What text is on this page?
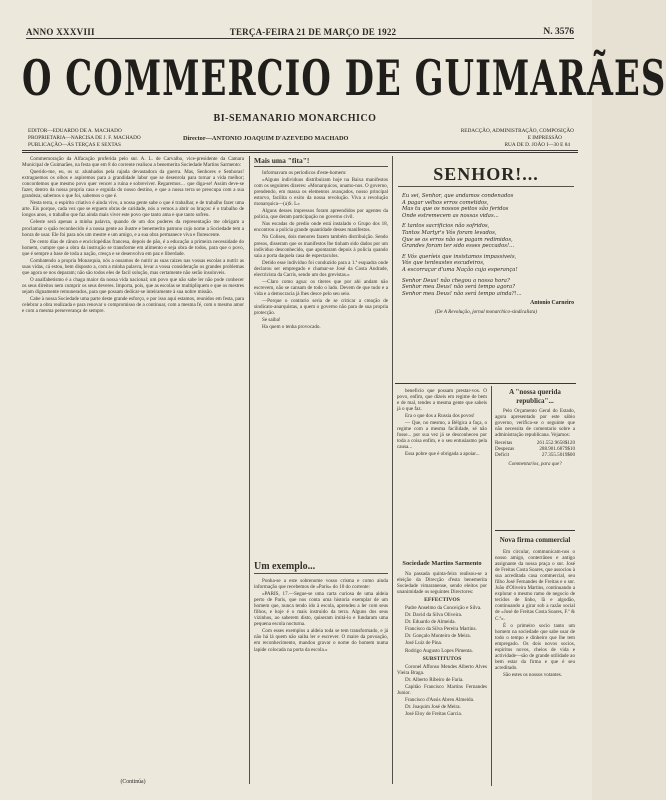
ANNO XXXVIII	TERÇA-FEIRA 21 DE MARÇO DE 1922	N. 3576
O COMMERCIO DE GUIMARÃES
BI-SEMANARIO MONARCHICO
EDITOR—EDUARDO DE A. MACHADO
PROPRIETARIA—NARCISA DE J. F. MACHADO
PUBLICAÇÃO—ÁS TERÇAS E SEXTAS
Director—ANTONIO JOAQUIM D'AZEVEDO MACHADO
REDACÇÃO, ADMINISTRAÇÃO, COMPOSIÇÃO
E IMPRESSÃO
RUA DE D. JOÃO I—30 E 84

Commemoração da Alfacação proferida pelo snr. A. L. de Carvalho, vice-presidente da Camara Municipal de Guimarães, na festa que em 8 do corrente realisou a benemerita Sociedade Martins Sarmento:

Querido-me, eu, os sr. alunhados pela rajada devastadora da guerra. Mas, Senhores e Senhoras! extraguemos os olhos e aspiremos para a grandidade labor que se desenrola para tornar a vida melhor; concordemos que mesmo povo quer vencer a ruina e sobreviver. Regaremos… que diga-se! Assim deve-se fazer, dentro da nossa propria casa e erguida do nosso destino, e que a nossa terra se preocupa com a sua grandeza; sabemos o que foi, sabemos o que é.

Nesta terra, o espirito criativo é ainda vivo, a nossa gente sabe o que é trabalhar, e de trabalho fazer uma arte. Eis porque, cada vez que se erguem obras de caridade, nós a vemos a abrir os braços: é o trabalho de longos anos, o trabalho que faz ainda mais viver este povo que tanto ama e que tanto sofreu.

Celeste será apenas a minha palavra, quando de um dos poderes da representação me obrigam a proclamar o quão reconhecido é a nossa gente ao ilustre e benemerito patrono cujo nome a Sociedade tem a honra de usar. Ele foi para nós um mestre e um amigo, e a sua obra permanece viva e florescente.

De cento dias de cânon e enciclopédias francesa, depois de pão, é a educação a primeira necessidade do homem, cumpre que a obra da instrução se transforme em alimento e seja obra de todos, para que o povo, que é sempre a base de toda a nação, cresça e se desenvolva em paz e liberdade.

Combatendo a propria Monarquia, nós a ousamos de nutrir as suas raizes nas vossas escolas a nutrir as suas vidas, cá estou, bem disposto a, com a minha palavra, levar a vossa consideração os grandes problemas que agora se nos deparam; não são todos eles de facil solução, mas certamente não serão insoluveis.

O analfabetismo é a chaga maior da nossa vida nacional; um povo que não sabe ler não pode conhecer os seus direitos nem cumprir os seus deveres. Importa, pois, que as escolas se multipliquem e que os mestres sejam dignamente remunerados, para que possam dedicar-se inteiramente à sua nobre missão.

Cabe à nossa Sociedade uma parte deste grande esforço, e por isso aqui estamos, reunidos em festa, para celebrar a obra realizada e para renovar o compromisso de a continuar, com a mesma fé, com o mesmo amor e com a mesma perseverança de sempre.

(Continúa)
Mais uma "fita"!

Informavam os periodicos d'este-homem:

«Alguns individuos distribuiram hoje na Baixa manifestos com os seguintes dizeres: «Monarquicos, unamo-nos. O governo, prendendo, em massa os elementos avançados, nosso principal estorvo, facilita o exito da nossa revolução. Viva a revolução monarquica—(a)S. L»

Alguns desses impressos foram apreendidos por agentes da policia, que deram participação no governo civil.

Nas escadas do predio onde está instalado o Grupo dos 18, encontrou a policia grande quantidade desses manifestos.

No Coliseu, dois menores fazem também distribuição. Sendo presos, disseram que os manifestos lhe tinham sido dados por um individuo desconhecido, que apontaram depois à policia quando saia a porta daquela casa de espectaculos.

Detido esse individuo foi conduzido para a 1.ª esquadra onde declarou ser empregado e chamar-se José da Costa Andrade, electricista da Carris, sendo um dos grevistas.»

—Claro como agua: os titeres que por ahi andam não escrevem, não se cansam de todo o lado. Devem de que tudo e a vida e a democracia já lhes desce pelo seu seio.

—Porque o contrario seria de se criticar a creação de sindicato-anarquistas, a quem o governo não para de sua propria protecção.

Se saiba!

Ha quem o tenha provocado.

Um exemplo...

Ponha-se a este sobrenome vosso crisma e como ainda informação que recebemos de «Paris» do 10 do corrente:

«PARIS, 17.—Segue-se uma carta curiosa de uma aldeia perto de Paris, que nos conta uma historia exemplar de um homem que, nunca tendo ido à escola, aprendeu a ler com seus filhos, e hoje é o mais instruido da terra. Alguns dos seus vizinhos, ao saberem disto, quiseram imitá-lo e fundaram uma pequena escola nocturna.

Com esses exemplos a aldeia toda se tem transformado, e já não há lá quem não saiba ler e escrever. O maire da povoação, em reconhecimento, mandou gravar o nome do homem numa lapide colocada na porta da escola.»

SENHOR!...

Eu sei, Senhor, que andamos condenados

A pagar velhos erros cometidos,

Mas tu que os nossos peitos são feridos

Onde estremecem as nossas vidas...

E tantos sacrificios não sofridos,

Tantos Martyr's Vós foram levados,

Que se os erros não se pagam redimidos,

Grandes foram ter sido esses peccados!...

E Vós queríeis que insistamos impassiveis,

Vós que tenteastes escudeiros,

A escorraçar d'uma Nação cuja esperança!

Senhor Deus! não chegou a nossa hora?

Senhor meu Deus! não será tempo agora?

Senhor meu Deus! não será tempo ainda?!...

Antonio Carneiro
(De A Revolução, jornal monarchico-sindicalista)

beneficio que possam prestar-vos. O povo, enfim, que dizeis em regime de bem e de mal, tendes a mesma gente que sabeis já o que faz.

Era o que dos a Russia dos povos!

— Que, no mesmo, a Bélgica a faça, o regime com a mesma facilidade, sé não fosse... por sua vez já se desconheceu por toda a coisa enfim, e o seu entusiasmo pela causa...

Essa pobre que é obrigada a apoiar...

Sociedade Martins Sarmento

Na passada quinta-feira realisou-se a eleição da Direcção d'esta benemerita Sociedade vimaranense, sendo eleitos por unanimidade os seguintes Directores:

EFFECTIVOS

Padre Anselmo da Conceição e Silva.

Dr. David da Silva Oliveira.

Dr. Eduardo de Almeida.

Francisco da Silva Pereira Martins.

Dr. Gonçalo Monteiro de Meira.

José Luiz de Pina.

Rodrigo Augusto Lopes Pimenta.

SUBSTITUTOS

Coronel Affonso Mendes Alberto Alves Vieira Braga.

Dr. Alberto Ribeiro de Faria.

Capitão Francisco Martins Fernandes Junior.

Francisco d'Assis Abreu Almeida.

Dr. Joaquim José de Meira.

José Eloy de Freitas Garcia.

A "nossa querida republica"...

Pelo Orçamento Geral do Estado, agora apresentado por este sábio governo, verifica-se o seguinte que não necessita de comentario sobre a administração republicana. Vejamos:

Receitas	261.552.9658$120
Despezas	288.901.6879$10
Deficit	27.355.5019$00
Commentarios, para que?
Nova firma commercial

Em circular, communicam-nos o nosso amigo, conterrâneo e antigo assignante da nossa praça o snr. José de Freitas Costa Soares, que associou à sua acreditada casa commercial, seu filho José Fernandes de Freitas e o snr. João d'Oliveira Martins, continuando a explorar o mesmo ramo de negocio de tecidos de linho, lã e algodão, continuando a girar sob a razão social de «José de Freitas Costa Soares, F.º & C.ª».

É o primeiro socio tanto um homem na sociedade que sabe usar de todo o tempo e dinheiro que lhe tem empregado. Os dois novos socios, espiritos novos, cheios de vida e actividade—são de grande utilidade ao bem estar da firma e que é seu acreditado.

São estes os nossos votantes.
